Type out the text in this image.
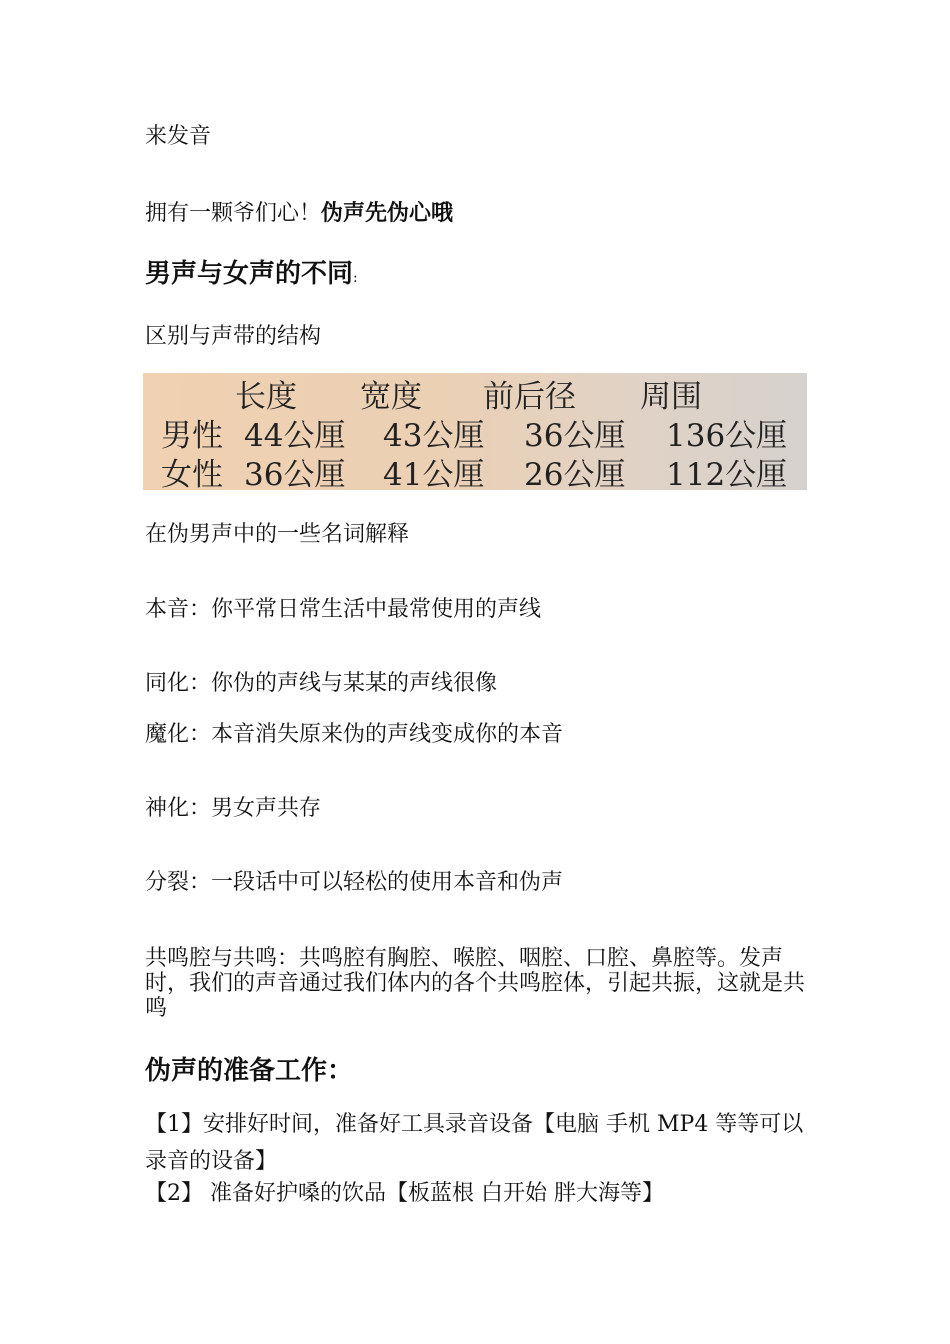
来发音
拥有一颗爷们心！伪声先伪心哦
男声与女声的不同:
区别与声带的结构
长度 宽度 前后径 周围
男性 44公厘 43公厘 36公厘 136公厘
女性 36公厘 41公厘 26公厘 112公厘
在伪男声中的一些名词解释
本音：你平常日常生活中最常使用的声线
同化：你伪的声线与某某的声线很像
魔化：本音消失原来伪的声线变成你的本音
神化：男女声共存
分裂：一段话中可以轻松的使用本音和伪声
共鸣腔与共鸣：共鸣腔有胸腔、喉腔、咽腔、口腔、鼻腔等。发声时，我们的声音通过我们体内的各个共鸣腔体，引起共振，这就是共鸣
伪声的准备工作：
【1】安排好时间，准备好工具录音设备【电脑 手机 MP4 等等可以录音的设备】
【2】 准备好护嗓的饮品【板蓝根 白开始 胖大海等】
